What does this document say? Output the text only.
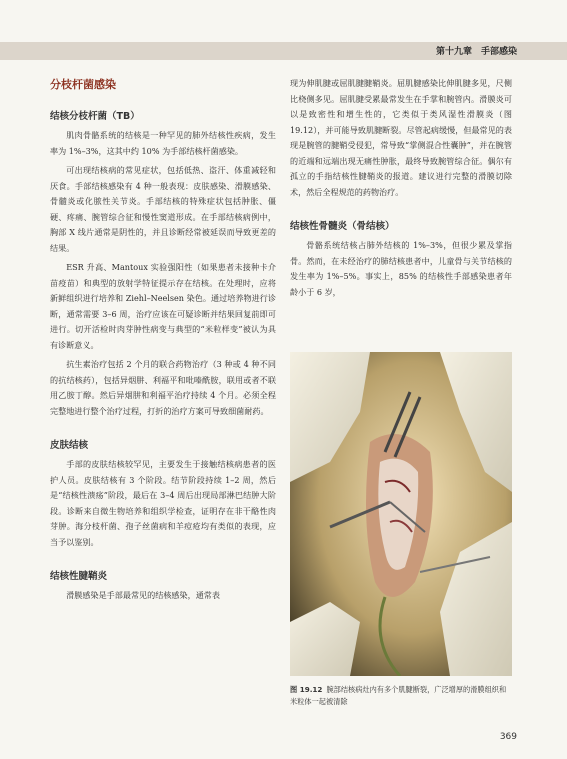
第十九章　手部感染
分枝杆菌感染
结核分枝杆菌（TB）

肌肉骨骼系统的结核是一种罕见的肺外结核性疾病，发生率为 1%–3%，这其中约 10% 为手部结核杆菌感染。

可出现结核病的常见症状，包括低热、盗汗、体重减轻和厌食。手部结核感染有 4 种一般表现：皮肤感染、滑膜感染、骨髓炎或化脓性关节炎。手部结核的特殊症状包括肿胀、僵硬、疼痛、腕管综合征和慢性窦道形成。在手部结核病例中，胸部 X 线片通常是阴性的，并且诊断经常被延误而导致更差的结果。

ESR 升高、Mantoux 实验强阳性（如果患者未接种卡介苗疫苗）和典型的放射学特征提示存在结核。在处理时，应将新鲜组织进行培养和 Ziehl–Neelsen 染色。通过培养物进行诊断，通常需要 3–6 周，治疗应该在可疑诊断并结果回复前即可进行。切开活检时肉芽肿性病变与典型的“米粒样变”被认为具有诊断意义。

抗生素治疗包括 2 个月的联合药物治疗（3 种或 4 种不同的抗结核药），包括异烟肼、利福平和吡嗪酰胺，联用或者不联用乙胺丁醇。然后异烟肼和利福平治疗持续 4 个月。必须全程完整地进行整个治疗过程，打折的治疗方案可导致细菌耐药。

皮肤结核

手部的皮肤结核较罕见，主要发生于接触结核病患者的医护人员。皮肤结核有 3 个阶段。结节阶段持续 1–2 周，然后是“结核性溃疡”阶段，最后在 3–4 周后出现局部淋巴结肿大阶段。诊断来自微生物培养和组织学检查，证明存在非干酪性肉芽肿。海分枝杆菌、孢子丝菌病和羊痘疮均有类似的表现，应当予以鉴别。

结核性腱鞘炎

滑膜感染是手部最常见的结核感染，通常表

现为伸肌腱或屈肌腱腱鞘炎。屈肌腱感染比伸肌腱多见，尺侧比桡侧多见。屈肌腱受累最常发生在手掌和腕管内。滑膜炎可以是致密性和增生性的，它类似于类风湿性滑膜炎（图 19.12），并可能导致肌腱断裂。尽管起病缓慢，但最常见的表现是腕管的腱鞘受侵犯，常导致“掌侧混合性囊肿”，并在腕管的近端和远端出现无痛性肿胀，最终导致腕管综合征。偶尔有孤立的手指结核性腱鞘炎的报道。建议进行完整的滑膜切除术，然后全程规范的药物治疗。

结核性骨髓炎（骨结核）

骨骼系统结核占肺外结核的 1%–3%，但很少累及掌指骨。然而，在未经治疗的肺结核患者中，儿童骨与关节结核的发生率为 1%–5%。事实上，85% 的结核性手部感染患者年龄小于 6 岁，

图 19.12 腕部结核病灶内有多个肌腱断裂，广泛增厚的滑膜组织和米粒体一起被清除
369
